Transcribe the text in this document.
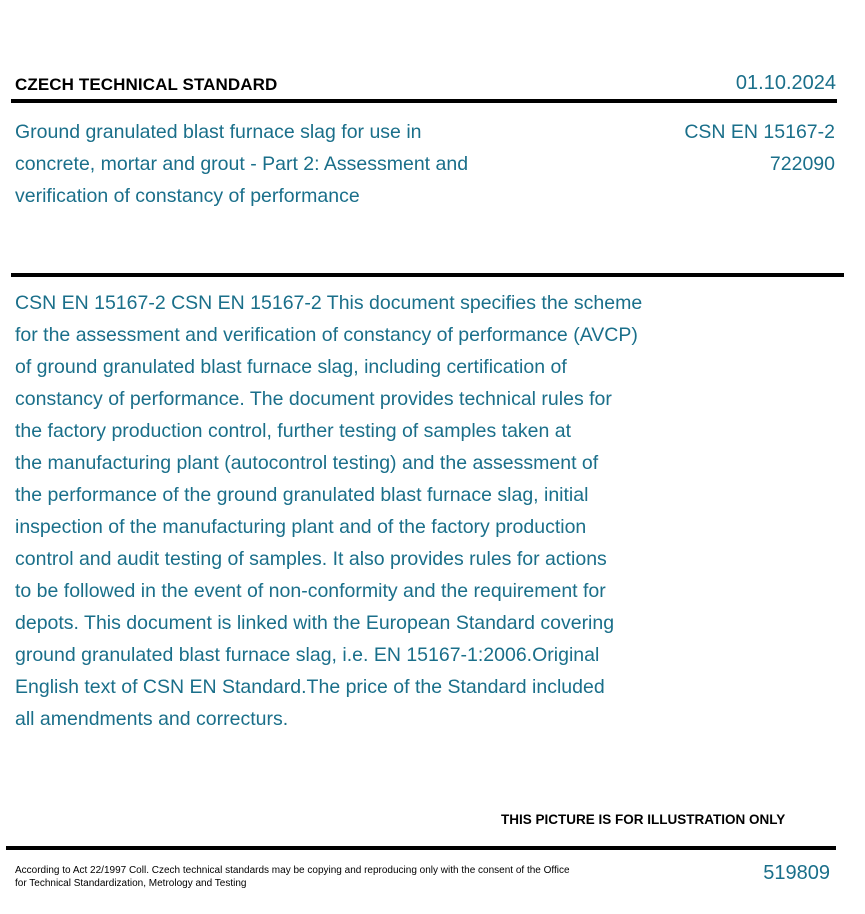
CZECH TECHNICAL STANDARD	01.10.2024
Ground granulated blast furnace slag for use in concrete, mortar and grout - Part 2: Assessment and verification of constancy of performance
CSN EN 15167-2
722090
CSN EN 15167-2 CSN EN 15167-2 This document specifies the scheme
for the assessment and verification of constancy of performance (AVCP)
of ground granulated blast furnace slag, including certification of
constancy of performance. The document provides technical rules for
the factory production control, further testing of samples taken at
the manufacturing plant (autocontrol testing) and the assessment of
the performance of the ground granulated blast furnace slag, initial
inspection of the manufacturing plant and of the factory production
control and audit testing of samples. It also provides rules for actions
to be followed in the event of non-conformity and the requirement for
depots. This document is linked with the European Standard covering
ground granulated blast furnace slag, i.e. EN 15167-1:2006.Original
English text of CSN EN Standard.The price of the Standard included
all amendments and correcturs.
THIS PICTURE IS FOR ILLUSTRATION ONLY
According to Act 22/1997 Coll. Czech technical standards may be copying and reproducing only with the consent of the Office
for Technical Standardization, Metrology and Testing	519809
